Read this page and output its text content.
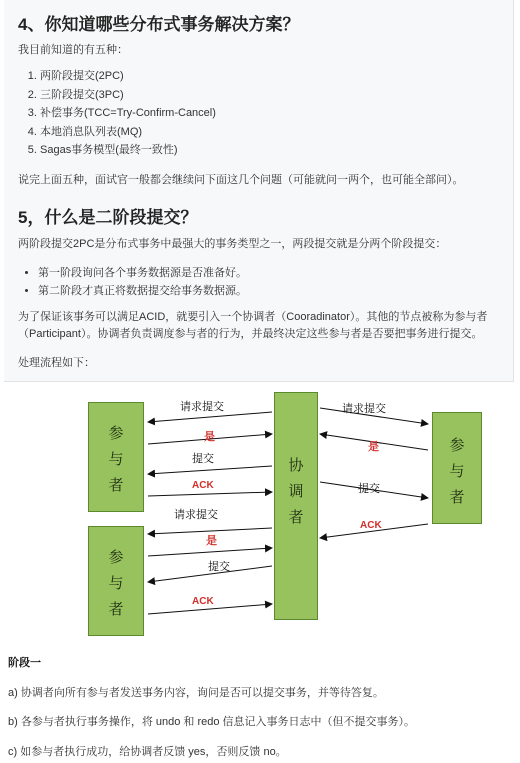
4、你知道哪些分布式事务解决方案？

我目前知道的有五种：

1. 两阶段提交(2PC)
2. 三阶段提交(3PC)
3. 补偿事务(TCC=Try-Confirm-Cancel)
4. 本地消息队列表(MQ)
5. Sagas事务模型(最终一致性)

说完上面五种，面试官一般都会继续问下面这几个问题（可能就问一两个，也可能全部问）。

5，什么是二阶段提交？

两阶段提交2PC是分布式事务中最强大的事务类型之一，两段提交就是分两个阶段提交：

• 第一阶段询问各个事务数据源是否准备好。
• 第二阶段才真正将数据提交给事务数据源。

为了保证该事务可以满足ACID，就要引入一个协调者（Cooradinator）。其他的节点被称为参与者（Participant）。协调者负责调度参与者的行为，并最终决定这些参与者是否要把事务进行提交。

处理流程如下：

参与者
参与者
协调者
参与者
请求提交
是
提交
ACK
请求提交
是
提交
ACK
请求提交
是
提交
ACK

阶段一

a) 协调者向所有参与者发送事务内容，询问是否可以提交事务，并等待答复。

b) 各参与者执行事务操作，将 undo 和 redo 信息记入事务日志中（但不提交事务）。

c) 如参与者执行成功，给协调者反馈 yes，否则反馈 no。
